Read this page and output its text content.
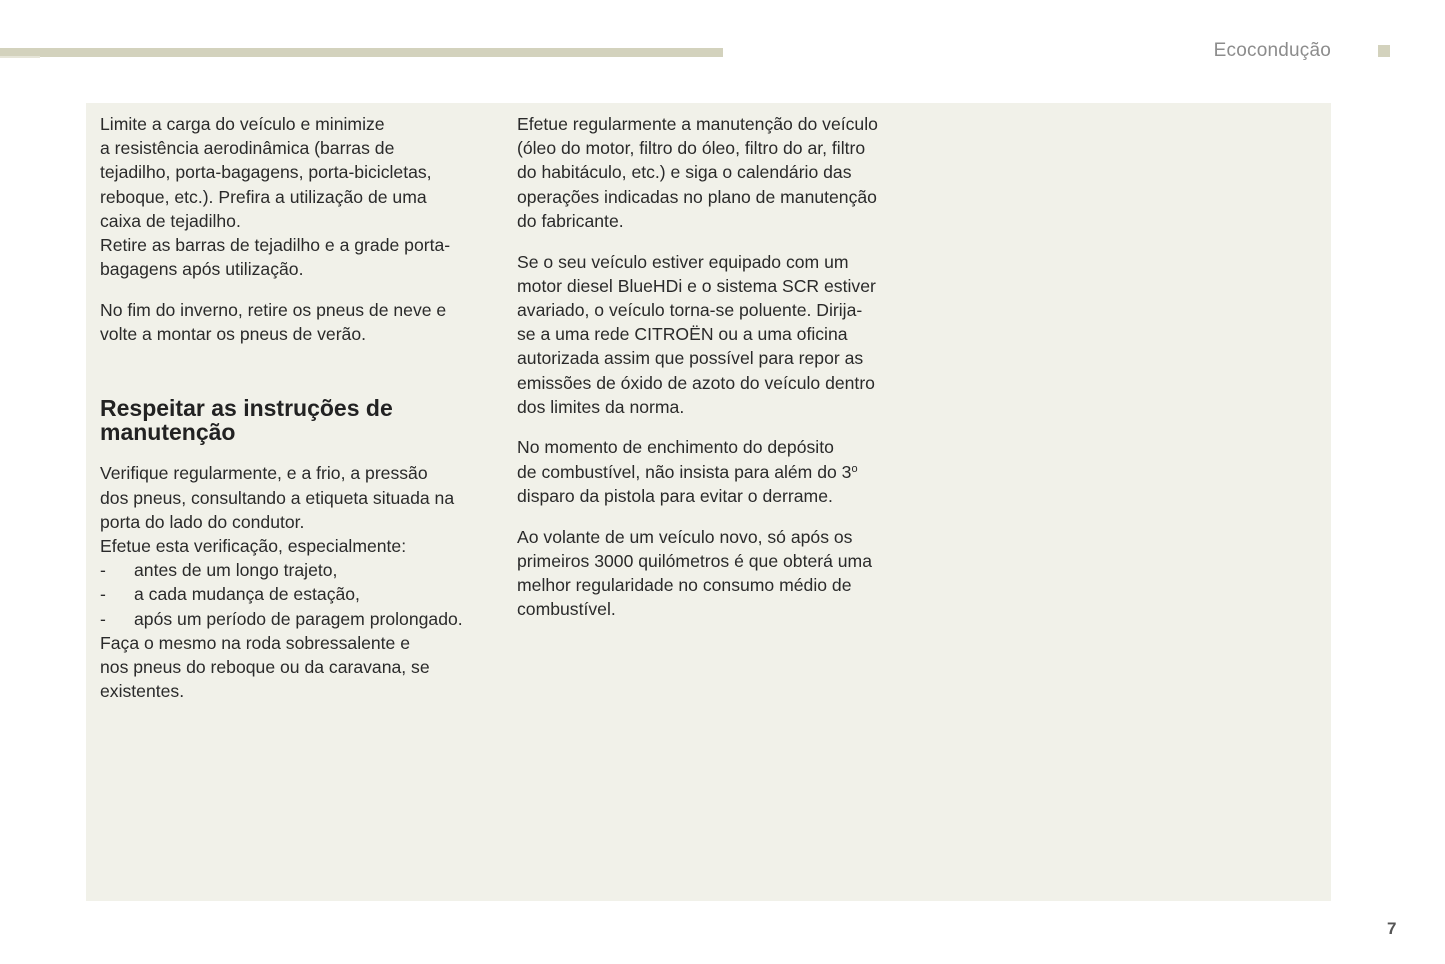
Ecocondução
Limite a carga do veículo e minimize
a resistência aerodinâmica (barras de
tejadilho, porta-bagagens, porta-bicicletas,
reboque, etc.). Prefira a utilização de uma
caixa de tejadilho.
Retire as barras de tejadilho e a grade porta-
bagagens após utilização.
No fim do inverno, retire os pneus de neve e
volte a montar os pneus de verão.
Respeitar as instruções de
manutenção
Verifique regularmente, e a frio, a pressão
dos pneus, consultando a etiqueta situada na
porta do lado do condutor.
Efetue esta verificação, especialmente:
- antes de um longo trajeto,
- a cada mudança de estação,
- após um período de paragem prolongado.
Faça o mesmo na roda sobressalente e
nos pneus do reboque ou da caravana, se
existentes.
Efetue regularmente a manutenção do veículo
(óleo do motor, filtro do óleo, filtro do ar, filtro
do habitáculo, etc.) e siga o calendário das
operações indicadas no plano de manutenção
do fabricante.
Se o seu veículo estiver equipado com um
motor diesel BlueHDi e o sistema SCR estiver
avariado, o veículo torna-se poluente. Dirija-
se a uma rede CITROËN ou a uma oficina
autorizada assim que possível para repor as
emissões de óxido de azoto do veículo dentro
dos limites da norma.
No momento de enchimento do depósito
de combustível, não insista para além do 3$^o$
disparo da pistola para evitar o derrame.
Ao volante de um veículo novo, só após os
primeiros 3000 quilómetros é que obterá uma
melhor regularidade no consumo médio de
combustível.
7
